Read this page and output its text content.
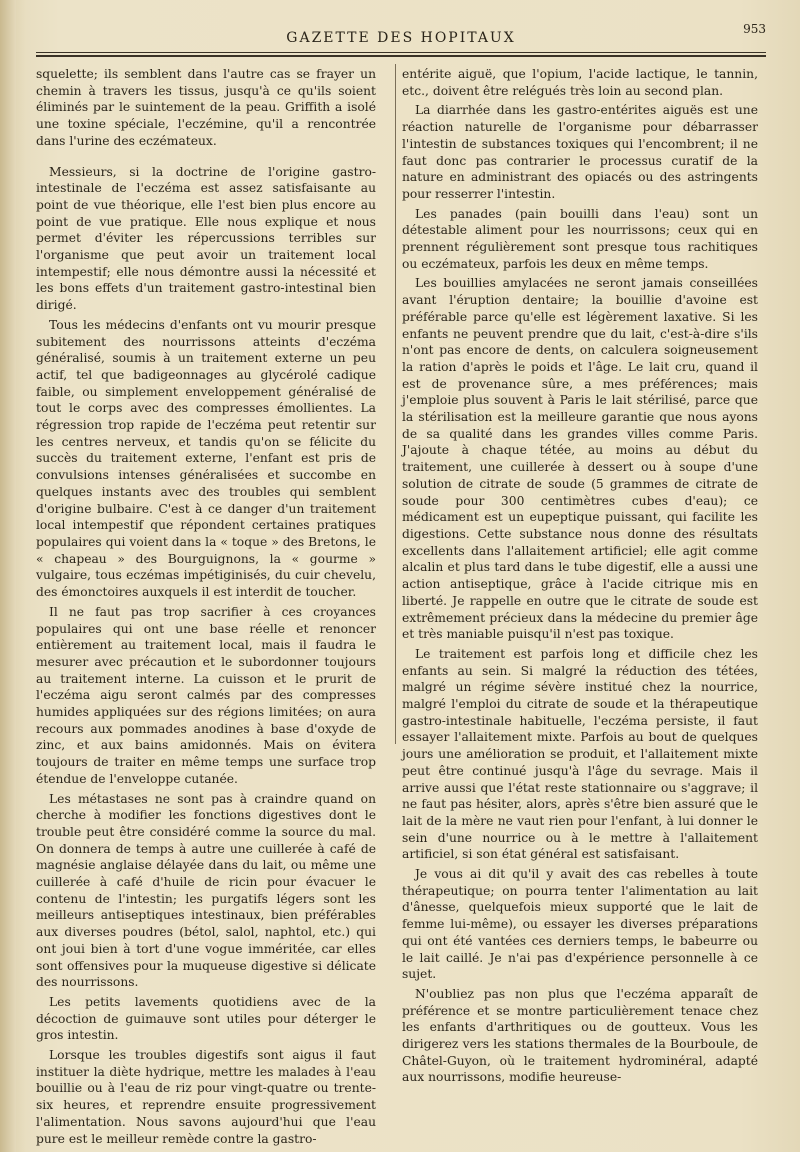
GAZETTE DES HOPITAUX
953

squelette; ils semblent dans l'autre cas se frayer un chemin à travers les tissus, jusqu'à ce qu'ils soient éliminés par le suintement de la peau. Griffith a isolé une toxine spéciale, l'eczémine, qu'il a rencontrée dans l'urine des eczémateux.

Messieurs, si la doctrine de l'origine gastro-intestinale de l'eczéma est assez satisfaisante au point de vue théorique, elle l'est bien plus encore au point de vue pratique. Elle nous explique et nous permet d'éviter les répercussions terribles sur l'organisme que peut avoir un traitement local intempestif; elle nous démontre aussi la nécessité et les bons effets d'un traitement gastro-intestinal bien dirigé.

Tous les médecins d'enfants ont vu mourir presque subitement des nourrissons atteints d'eczéma généralisé, soumis à un traitement externe un peu actif, tel que badigeonnages au glycérolé cadique faible, ou simplement enveloppement généralisé de tout le corps avec des compresses émollientes. La régression trop rapide de l'eczéma peut retentir sur les centres nerveux, et tandis qu'on se félicite du succès du traitement externe, l'enfant est pris de convulsions intenses généralisées et succombe en quelques instants avec des troubles qui semblent d'origine bulbaire. C'est à ce danger d'un traitement local intempestif que répondent certaines pratiques populaires qui voient dans la « toque » des Bretons, le « chapeau » des Bourguignons, la « gourme » vulgaire, tous eczémas impétiginisés, du cuir chevelu, des émonctoires auxquels il est interdit de toucher.

Il ne faut pas trop sacrifier à ces croyances populaires qui ont une base réelle et renoncer entièrement au traitement local, mais il faudra le mesurer avec précaution et le subordonner toujours au traitement interne. La cuisson et le prurit de l'eczéma aigu seront calmés par des compresses humides appliquées sur des régions limitées; on aura recours aux pommades anodines à base d'oxyde de zinc, et aux bains amidonnés. Mais on évitera toujours de traiter en même temps une surface trop étendue de l'enveloppe cutanée.

Les métastases ne sont pas à craindre quand on cherche à modifier les fonctions digestives dont le trouble peut être considéré comme la source du mal. On donnera de temps à autre une cuillerée à café de magnésie anglaise délayée dans du lait, ou même une cuillerée à café d'huile de ricin pour évacuer le contenu de l'intestin; les purgatifs légers sont les meilleurs antiseptiques intestinaux, bien préférables aux diverses poudres (bétol, salol, naphtol, etc.) qui ont joui bien à tort d'une vogue imméritée, car elles sont offensives pour la muqueuse digestive si délicate des nourrissons.

Les petits lavements quotidiens avec de la décoction de guimauve sont utiles pour déterger le gros intestin.

Lorsque les troubles digestifs sont aigus il faut instituer la diète hydrique, mettre les malades à l'eau bouillie ou à l'eau de riz pour vingt-quatre ou trente-six heures, et reprendre ensuite progressivement l'alimentation. Nous savons aujourd'hui que l'eau pure est le meilleur remède contre la gastro-

entérite aiguë, que l'opium, l'acide lactique, le tannin, etc., doivent être relégués très loin au second plan.

La diarrhée dans les gastro-entérites aiguës est une réaction naturelle de l'organisme pour débarrasser l'intestin de substances toxiques qui l'encombrent; il ne faut donc pas contrarier le processus curatif de la nature en administrant des opiacés ou des astringents pour resserrer l'intestin.

Les panades (pain bouilli dans l'eau) sont un détestable aliment pour les nourrissons; ceux qui en prennent régulièrement sont presque tous rachitiques ou eczémateux, parfois les deux en même temps.

Les bouillies amylacées ne seront jamais conseillées avant l'éruption dentaire; la bouillie d'avoine est préférable parce qu'elle est légèrement laxative. Si les enfants ne peuvent prendre que du lait, c'est-à-dire s'ils n'ont pas encore de dents, on calculera soigneusement la ration d'après le poids et l'âge. Le lait cru, quand il est de provenance sûre, a mes préférences; mais j'emploie plus souvent à Paris le lait stérilisé, parce que la stérilisation est la meilleure garantie que nous ayons de sa qualité dans les grandes villes comme Paris. J'ajoute à chaque tétée, au moins au début du traitement, une cuillerée à dessert ou à soupe d'une solution de citrate de soude (5 grammes de citrate de soude pour 300 centimètres cubes d'eau); ce médicament est un eupeptique puissant, qui facilite les digestions. Cette substance nous donne des résultats excellents dans l'allaitement artificiel; elle agit comme alcalin et plus tard dans le tube digestif, elle a aussi une action antiseptique, grâce à l'acide citrique mis en liberté. Je rappelle en outre que le citrate de soude est extrêmement précieux dans la médecine du premier âge et très maniable puisqu'il n'est pas toxique.

Le traitement est parfois long et difficile chez les enfants au sein. Si malgré la réduction des tétées, malgré un régime sévère institué chez la nourrice, malgré l'emploi du citrate de soude et la thérapeutique gastro-intestinale habituelle, l'eczéma persiste, il faut essayer l'allaitement mixte. Parfois au bout de quelques jours une amélioration se produit, et l'allaitement mixte peut être continué jusqu'à l'âge du sevrage. Mais il arrive aussi que l'état reste stationnaire ou s'aggrave; il ne faut pas hésiter, alors, après s'être bien assuré que le lait de la mère ne vaut rien pour l'enfant, à lui donner le sein d'une nourrice ou à le mettre à l'allaitement artificiel, si son état général est satisfaisant.

Je vous ai dit qu'il y avait des cas rebelles à toute thérapeutique; on pourra tenter l'alimentation au lait d'ânesse, quelquefois mieux supporté que le lait de femme lui-même), ou essayer les diverses préparations qui ont été vantées ces derniers temps, le babeurre ou le lait caillé. Je n'ai pas d'expérience personnelle à ce sujet.

N'oubliez pas non plus que l'eczéma apparaît de préférence et se montre particulièrement tenace chez les enfants d'arthritiques ou de goutteux. Vous les dirigerez vers les stations thermales de la Bourboule, de Châtel-Guyon, où le traitement hydrominéral, adapté aux nourrissons, modifie heureuse-
